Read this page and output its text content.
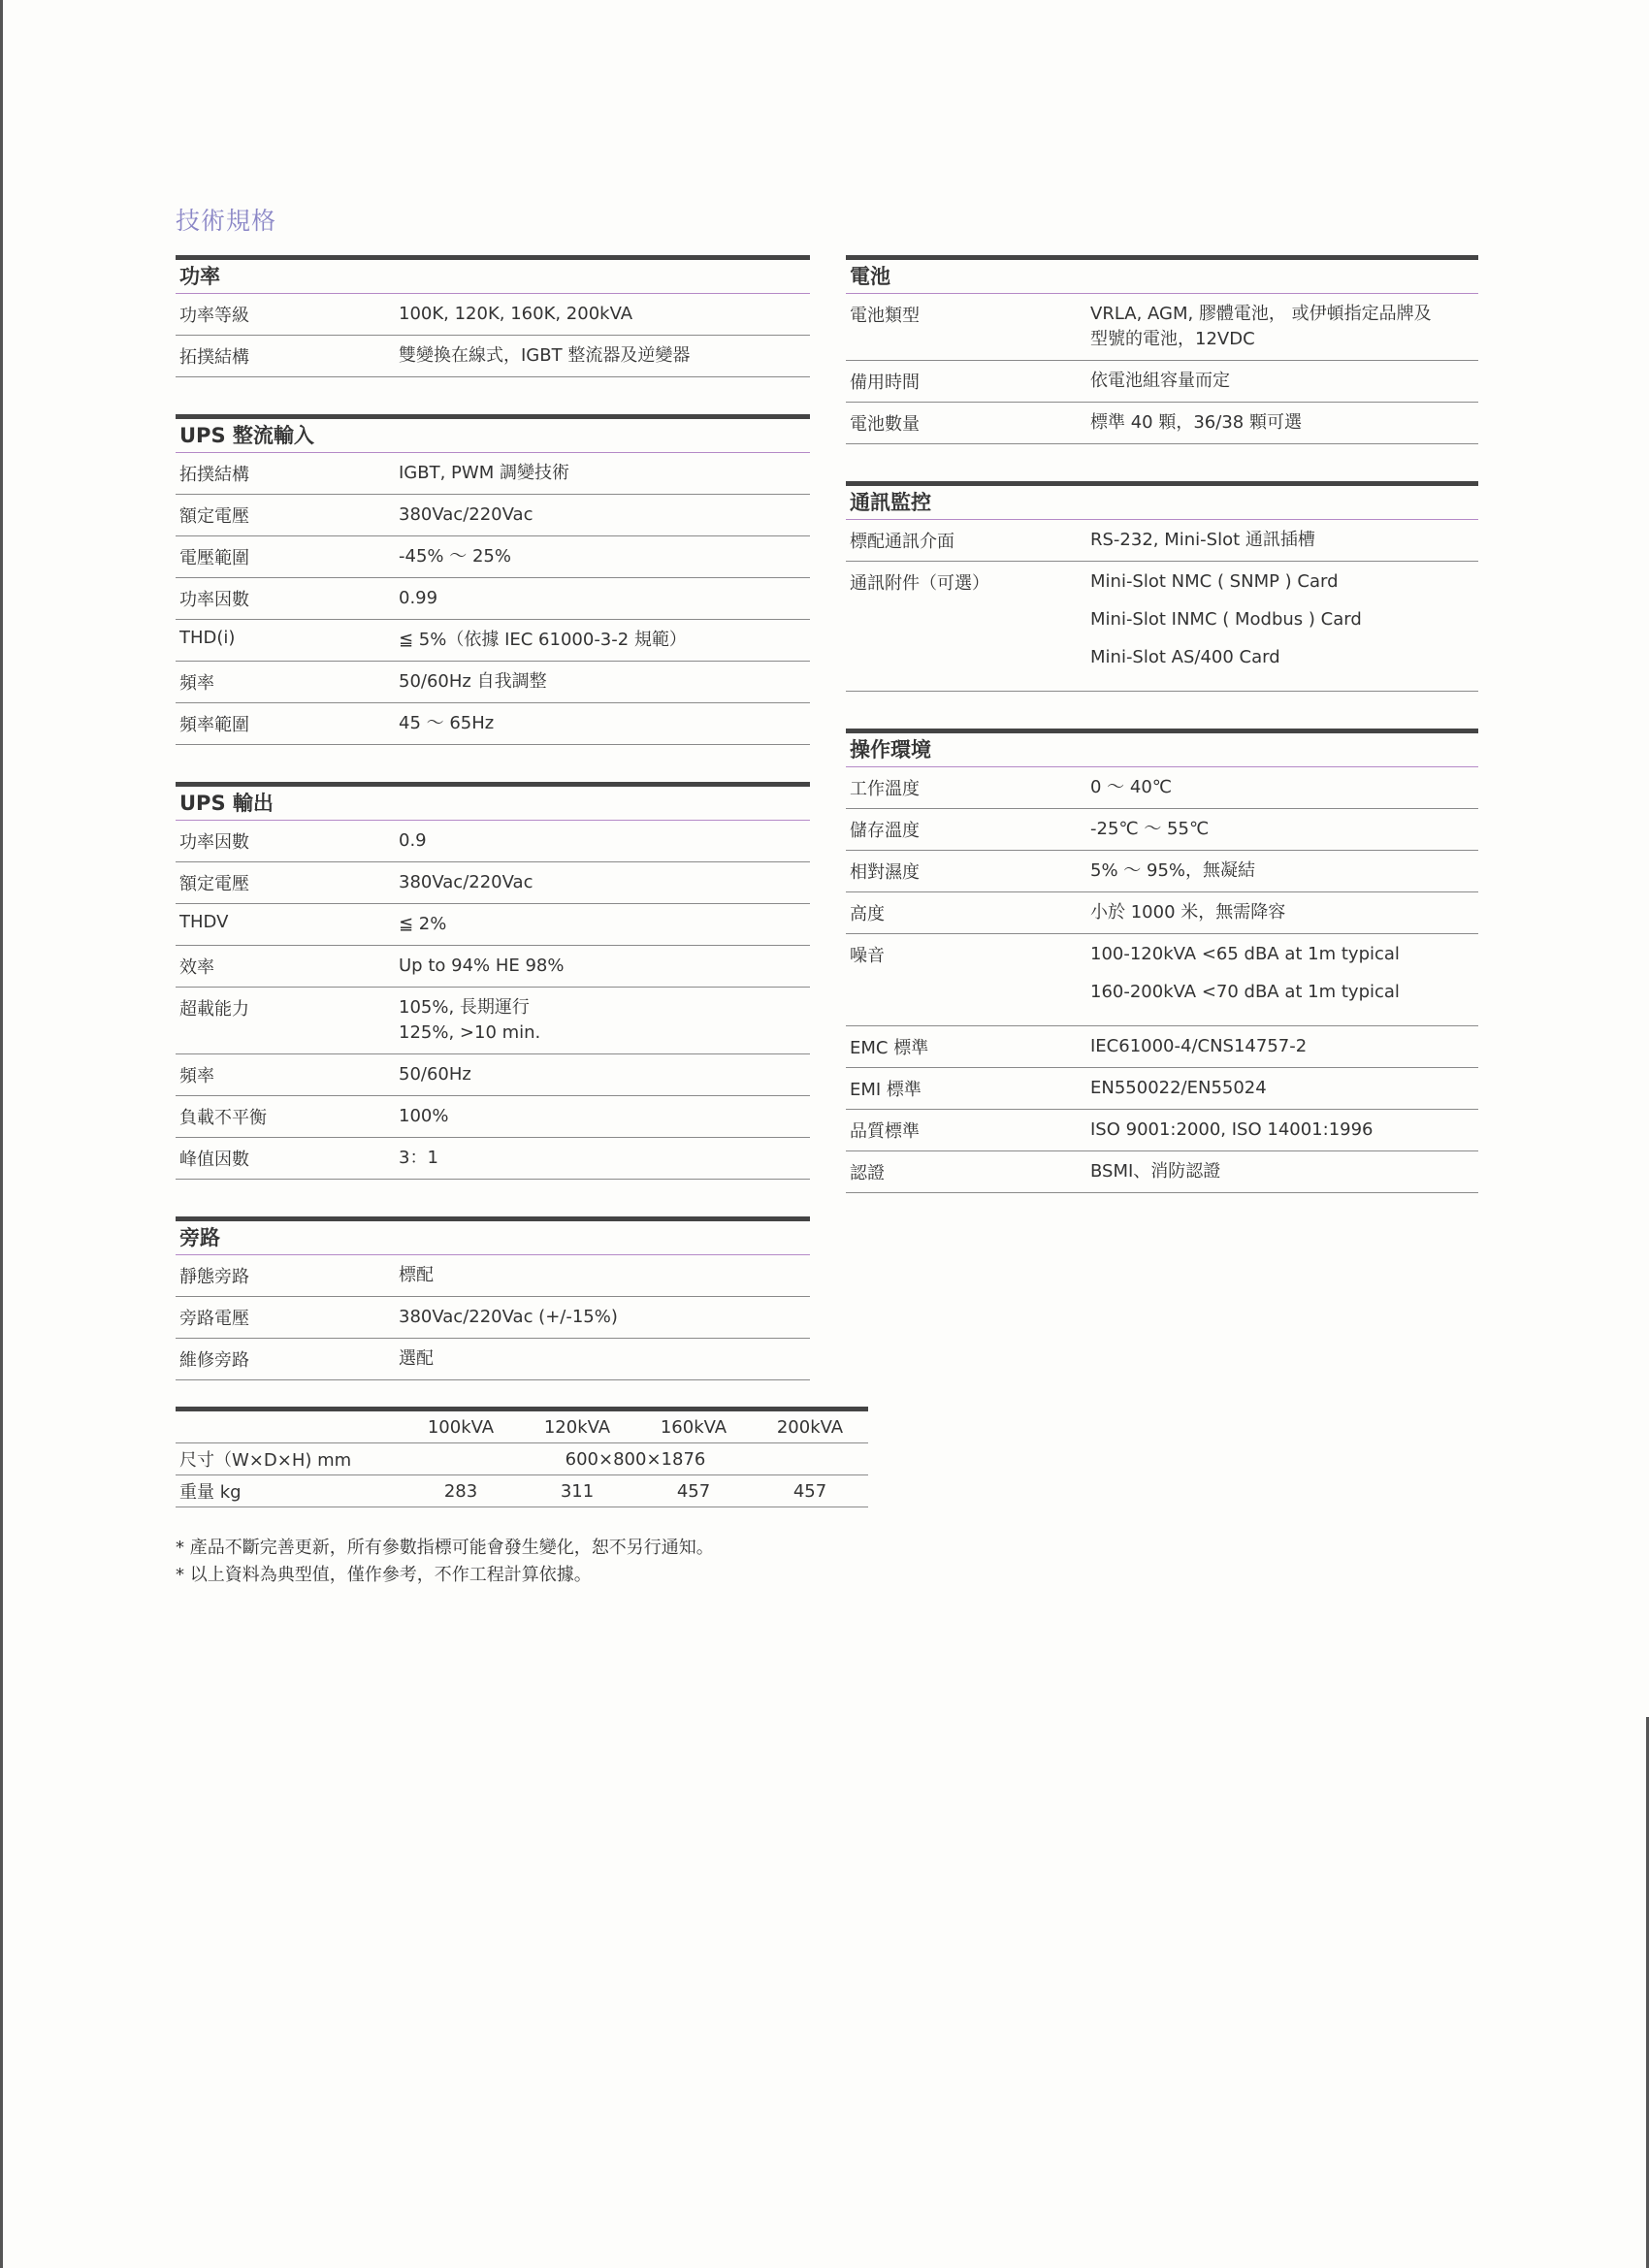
技術規格
功率
功率等級	100K, 120K, 160K, 200kVA
拓撲結構	雙變換在線式，IGBT 整流器及逆變器
UPS 整流輸入
拓撲結構	IGBT, PWM 調變技術
額定電壓	380Vac/220Vac
電壓範圍	-45% ～ 25%
功率因數	0.99
THD(i)	≦ 5%（依據 IEC 61000-3-2 規範）
頻率	50/60Hz 自我調整
頻率範圍	45 ～ 65Hz
UPS 輸出
功率因數	0.9
額定電壓	380Vac/220Vac
THDV	≦ 2%
效率	Up to 94% HE 98%
超載能力	105%, 長期運行
125%, >10 min.
頻率	50/60Hz
負載不平衡	100%
峰值因數	3：1
旁路
靜態旁路	標配
旁路電壓	380Vac/220Vac (+/-15%)
維修旁路	選配
電池
電池類型	VRLA, AGM, 膠體電池， 或伊頓指定品牌及
型號的電池，12VDC
備用時間	依電池組容量而定
電池數量	標準 40 顆，36/38 顆可選
通訊監控
標配通訊介面	RS-232, Mini-Slot 通訊插槽
通訊附件（可選）	Mini-Slot NMC ( SNMP ) Card
Mini-Slot INMC ( Modbus ) Card
Mini-Slot AS/400 Card
操作環境
工作溫度	0 ～ 40℃
儲存溫度	-25℃ ～ 55℃
相對濕度	5% ～ 95%，無凝結
高度	小於 1000 米，無需降容
噪音	100-120kVA <65 dBA at 1m typical
160-200kVA <70 dBA at 1m typical
EMC 標準	IEC61000-4/CNS14757-2
EMI 標準	EN550022/EN55024
品質標準	ISO 9001:2000, ISO 14001:1996
認證	BSMI、消防認證
	100kVA	120kVA	160kVA	200kVA
尺寸（W×D×H) mm	600×800×1876			
重量 kg	283	311	457	457
* 產品不斷完善更新，所有參數指標可能會發生變化，恕不另行通知。
* 以上資料為典型值，僅作參考，不作工程計算依據。
